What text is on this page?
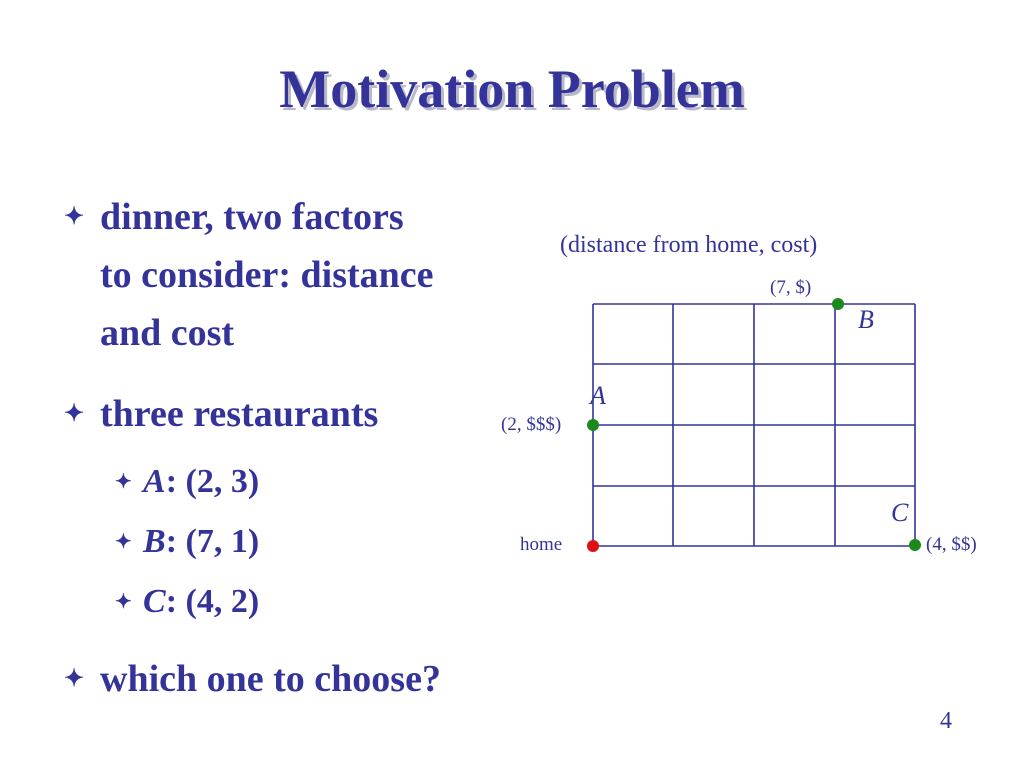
Motivation Problem
✦ dinner, two factors
to consider: distance
and cost
✦ three restaurants
✦ A: (2, 3)
✦ B: (7, 1)
✦ C: (4, 2)
✦ which one to choose?
(distance from home, cost)
(7, $)
B
A
(2, $$$)
home
C
(4, $$)
4
